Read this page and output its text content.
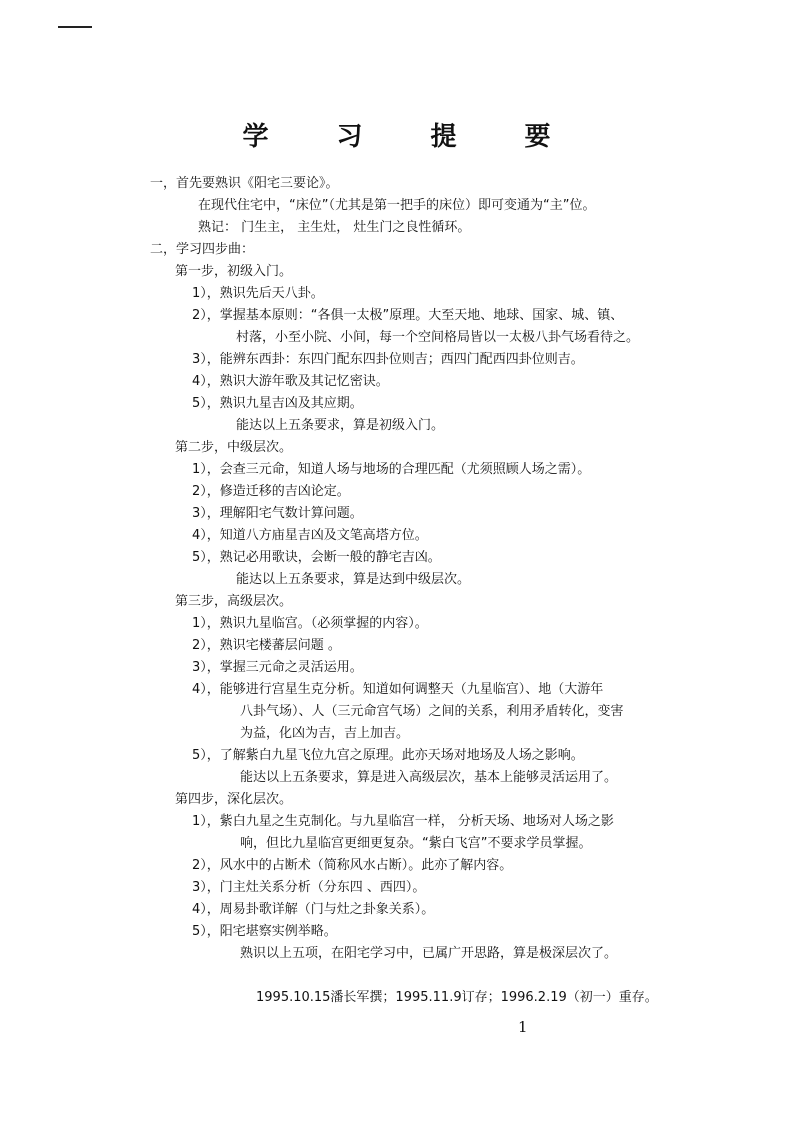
学	习	提	要
一，首先要熟识《阳宅三要论》。
在现代住宅中，“床位”（尤其是第一把手的床位）即可变通为“主”位。
熟记： 门生主， 主生灶， 灶生门之良性循环。
二，学习四步曲：
第一步，初级入门。
1），熟识先后天八卦。
2），掌握基本原则：“各俱一太极”原理。大至天地、地球、国家、城、镇、
村落，小至小院、小间，每一个空间格局皆以一太极八卦气场看待之。
3），能辨东西卦：东四门配东四卦位则吉；西四门配西四卦位则吉。
4），熟识大游年歌及其记忆密诀。
5），熟识九星吉凶及其应期。
能达以上五条要求，算是初级入门。
第二步，中级层次。
1），会查三元命，知道人场与地场的合理匹配（尤须照顾人场之需）。
2），修造迁移的吉凶论定。
3），理解阳宅气数计算问题。
4），知道八方庙星吉凶及文笔高塔方位。
5），熟记必用歌诀，会断一般的静宅吉凶。
能达以上五条要求，算是达到中级层次。
第三步，高级层次。
1），熟识九星临宫。（必须掌握的内容）。
2），熟识宅楼蕃层问题 。
3），掌握三元命之灵活运用。
4），能够进行宫星生克分析。知道如何调整天（九星临宫）、地（大游年
八卦气场）、人（三元命宫气场）之间的关系，利用矛盾转化，变害
为益，化凶为吉，吉上加吉。
5），了解紫白九星飞位九宫之原理。此亦天场对地场及人场之影响。
能达以上五条要求，算是进入高级层次，基本上能够灵活运用了。
第四步，深化层次。
1），紫白九星之生克制化。与九星临宫一样， 分析天场、地场对人场之影
响，但比九星临宫更细更复杂。“紫白飞宫”不要求学员掌握。
2），风水中的占断术（简称风水占断）。此亦了解内容。
3），门主灶关系分析（分东四 、西四）。
4），周易卦歌详解（门与灶之卦象关系）。
5），阳宅堪察实例举略。
熟识以上五项，在阳宅学习中，已属广开思路，算是极深层次了。
1995.10.15潘长军撰；1995.11.9订存；1996.2.19（初一）重存。
1
